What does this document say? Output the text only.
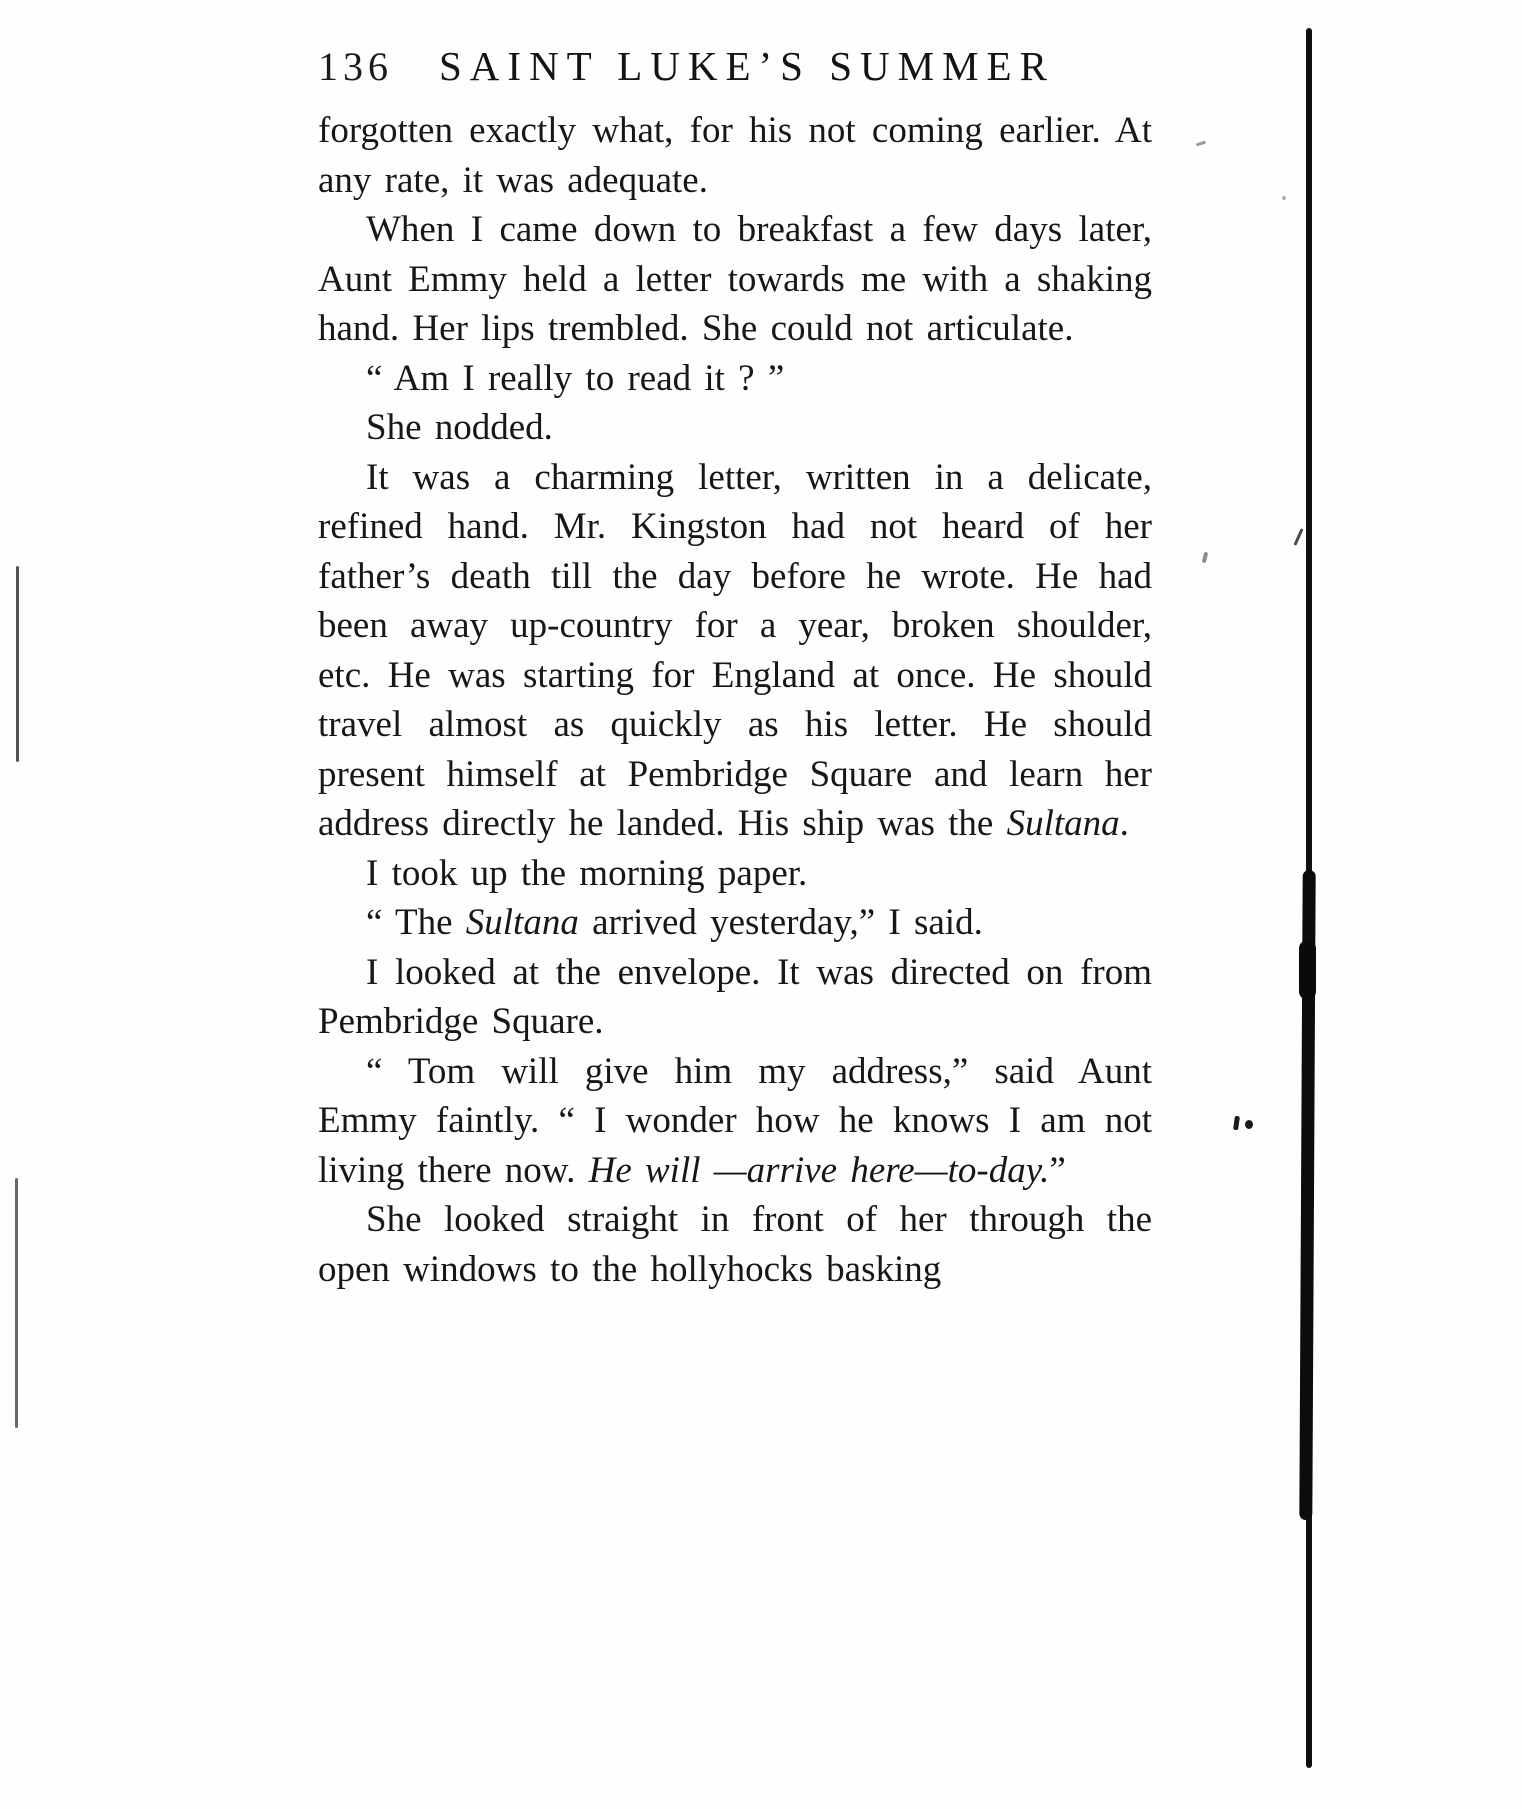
136 SAINT LUKE’S SUMMER

forgotten exactly what, for his not coming earlier. At any rate, it was adequate.

When I came down to breakfast a few days later, Aunt Emmy held a letter towards me with a shaking hand. Her lips trembled. She could not articulate.

“ Am I really to read it ? ”

She nodded.

It was a charming letter, written in a delicate, refined hand. Mr. Kingston had not heard of her father’s death till the day before he wrote. He had been away up-country for a year, broken shoulder, etc. He was starting for England at once. He should travel almost as quickly as his letter. He should present himself at Pembridge Square and learn her address directly he landed. His ship was the Sultana.

I took up the morning paper.

“ The Sultana arrived yesterday,” I said.

I looked at the envelope. It was directed on from Pembridge Square.

“ Tom will give him my address,” said Aunt Emmy faintly. “ I wonder how he knows I am not living there now. He will —arrive here—to-day.”

She looked straight in front of her through the open windows to the hollyhocks basking
